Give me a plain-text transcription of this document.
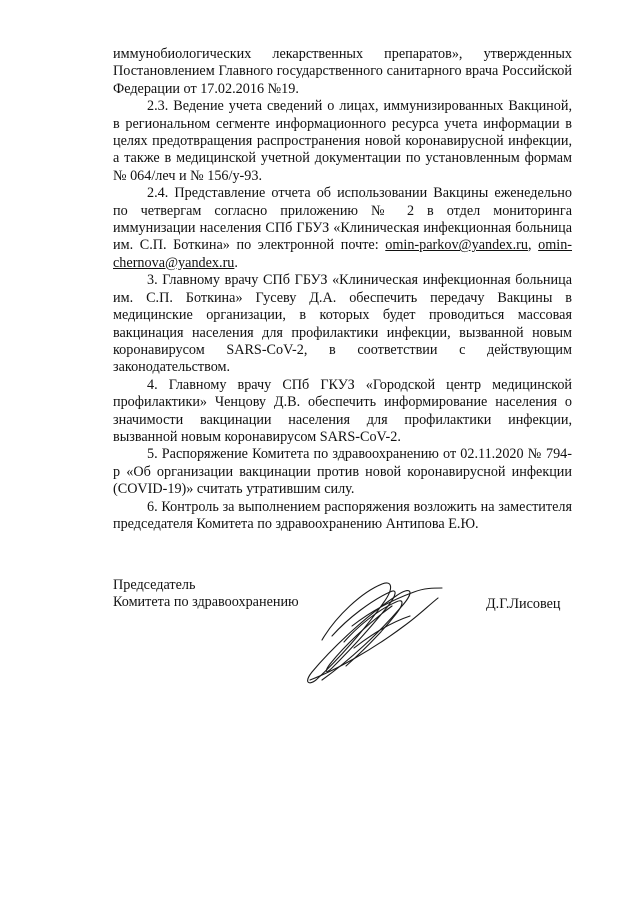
иммунобиологических лекарственных препаратов», утвержденных Постановлением Главного государственного санитарного врача Российской Федерации от 17.02.2016 №19.

2.3. Ведение учета сведений о лицах, иммунизированных Вакциной, в региональном сегменте информационного ресурса учета информации в целях предотвращения распространения новой коронавирусной инфекции, а также в медицинской учетной документации по установленным формам № 064/леч и № 156/у-93.

2.4. Представление отчета об использовании Вакцины еженедельно по четвергам согласно приложению № 2 в отдел мониторинга иммунизации населения СПб ГБУЗ «Клиническая инфекционная больница им. С.П. Боткина» по электронной почте: omin-parkov@yandex.ru, omin-chernova@yandex.ru.

3. Главному врачу СПб ГБУЗ «Клиническая инфекционная больница им. С.П. Боткина» Гусеву Д.А. обеспечить передачу Вакцины в медицинские организации, в которых будет проводиться массовая вакцинация населения для профилактики инфекции, вызванной новым коронавирусом SARS-CoV-2, в соответствии с действующим законодательством.

4. Главному врачу СПб ГКУЗ «Городской центр медицинской профилактики» Ченцову Д.В. обеспечить информирование населения о значимости вакцинации населения для профилактики инфекции, вызванной новым коронавирусом SARS-CoV-2.

5. Распоряжение Комитета по здравоохранению от 02.11.2020 № 794-р «Об организации вакцинации против новой коронавирусной инфекции (COVID-19)» считать утратившим силу.

6. Контроль за выполнением распоряжения возложить на заместителя председателя Комитета по здравоохранению Антипова Е.Ю.

Председатель
Комитета по здравоохранению	Д.Г.Лисовец
